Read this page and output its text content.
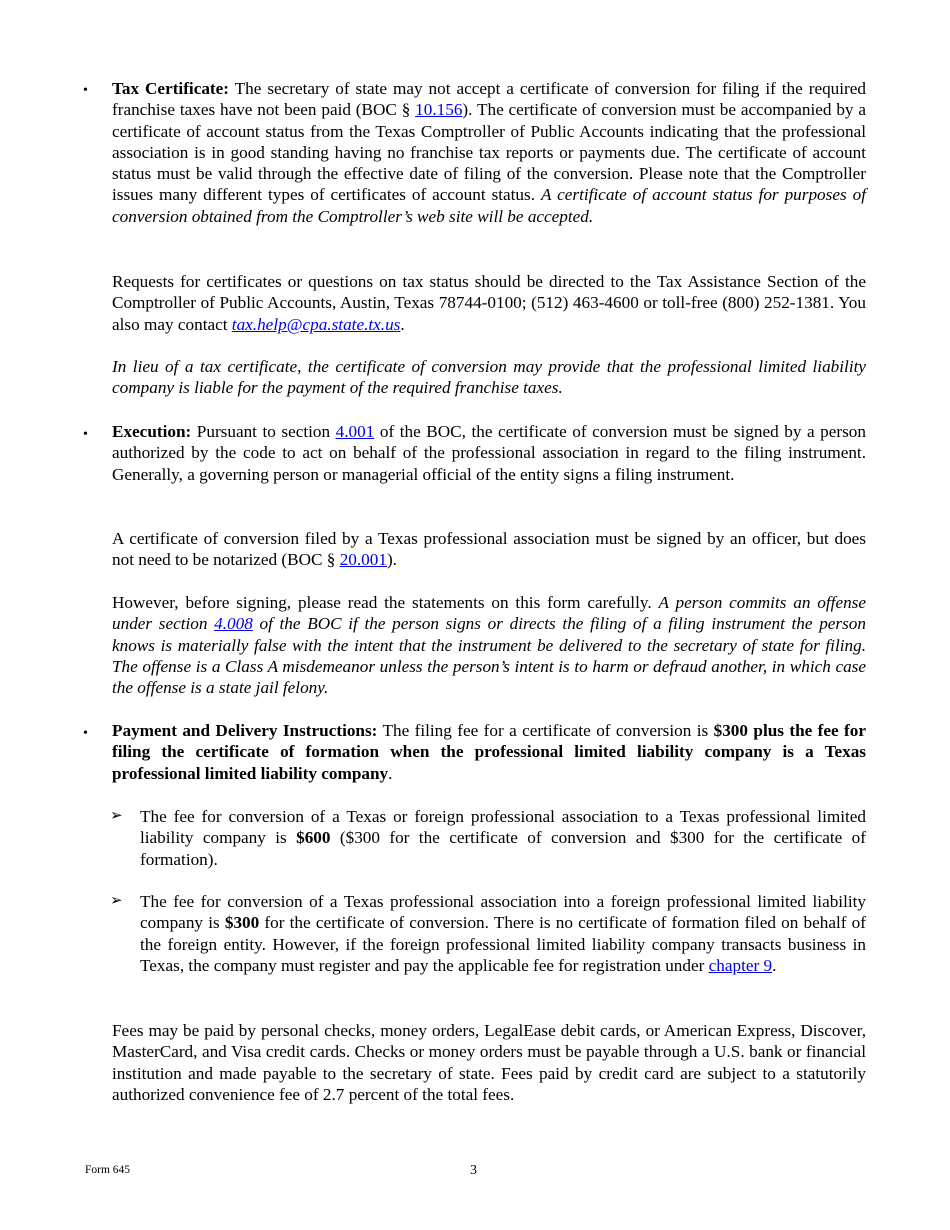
•	Tax Certificate: The secretary of state may not accept a certificate of conversion for filing if the required franchise taxes have not been paid (BOC § 10.156). The certificate of conversion must be accompanied by a certificate of account status from the Texas Comptroller of Public Accounts indicating that the professional association is in good standing having no franchise tax reports or payments due. The certificate of account status must be valid through the effective date of filing of the conversion. Please note that the Comptroller issues many different types of certificates of account status. A certificate of account status for purposes of conversion obtained from the Comptroller’s web site will be accepted.

Requests for certificates or questions on tax status should be directed to the Tax Assistance Section of the Comptroller of Public Accounts, Austin, Texas 78744-0100; (512) 463-4600 or toll-free (800) 252-1381. You also may contact tax.help@cpa.state.tx.us.

In lieu of a tax certificate, the certificate of conversion may provide that the professional limited liability company is liable for the payment of the required franchise taxes.

•	Execution: Pursuant to section 4.001 of the BOC, the certificate of conversion must be signed by a person authorized by the code to act on behalf of the professional association in regard to the filing instrument. Generally, a governing person or managerial official of the entity signs a filing instrument.

A certificate of conversion filed by a Texas professional association must be signed by an officer, but does not need to be notarized (BOC § 20.001).

However, before signing, please read the statements on this form carefully. A person commits an offense under section 4.008 of the BOC if the person signs or directs the filing of a filing instrument the person knows is materially false with the intent that the instrument be delivered to the secretary of state for filing. The offense is a Class A misdemeanor unless the person’s intent is to harm or defraud another, in which case the offense is a state jail felony.

•	Payment and Delivery Instructions: The filing fee for a certificate of conversion is $300 plus the fee for filing the certificate of formation when the professional limited liability company is a Texas professional limited liability company.

➢ The fee for conversion of a Texas or foreign professional association to a Texas professional limited liability company is $600 ($300 for the certificate of conversion and $300 for the certificate of formation).

➢ The fee for conversion of a Texas professional association into a foreign professional limited liability company is $300 for the certificate of conversion. There is no certificate of formation filed on behalf of the foreign entity. However, if the foreign professional limited liability company transacts business in Texas, the company must register and pay the applicable fee for registration under chapter 9.

Fees may be paid by personal checks, money orders, LegalEase debit cards, or American Express, Discover, MasterCard, and Visa credit cards. Checks or money orders must be payable through a U.S. bank or financial institution and made payable to the secretary of state. Fees paid by credit card are subject to a statutorily authorized convenience fee of 2.7 percent of the total fees.

Form 645	3
